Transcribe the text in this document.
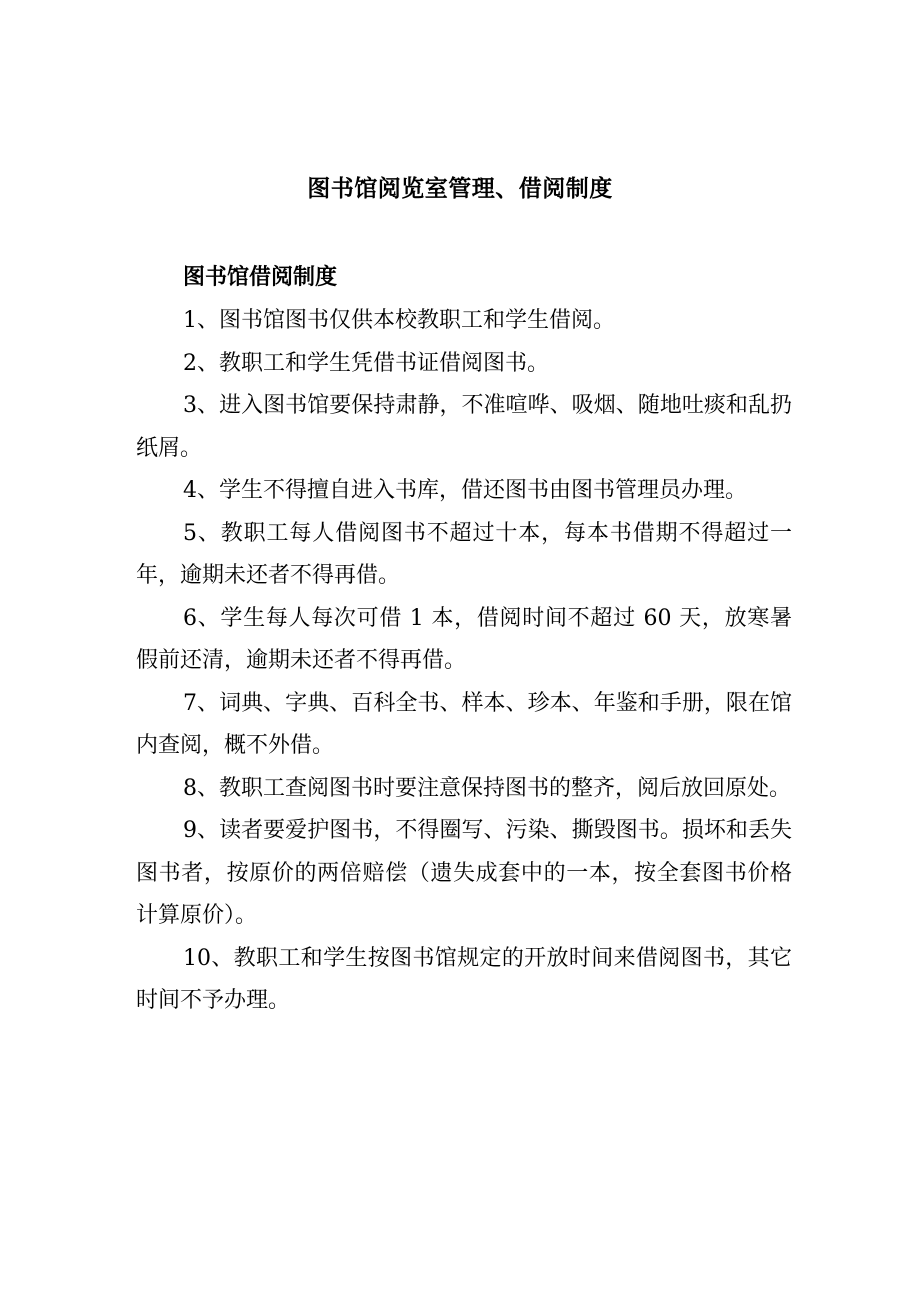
图书馆阅览室管理、借阅制度
图书馆借阅制度
1、图书馆图书仅供本校教职工和学生借阅。
2、教职工和学生凭借书证借阅图书。
3、进入图书馆要保持肃静，不准喧哗、吸烟、随地吐痰和乱扔纸屑。
4、学生不得擅自进入书库，借还图书由图书管理员办理。
5、教职工每人借阅图书不超过十本，每本书借期不得超过一年，逾期未还者不得再借。
6、学生每人每次可借 1 本，借阅时间不超过 60 天，放寒暑假前还清，逾期未还者不得再借。
7、词典、字典、百科全书、样本、珍本、年鉴和手册，限在馆内查阅，概不外借。
8、教职工查阅图书时要注意保持图书的整齐，阅后放回原处。
9、读者要爱护图书，不得圈写、污染、撕毁图书。损坏和丢失图书者，按原价的两倍赔偿（遗失成套中的一本，按全套图书价格计算原价）。
10、教职工和学生按图书馆规定的开放时间来借阅图书，其它时间不予办理。
